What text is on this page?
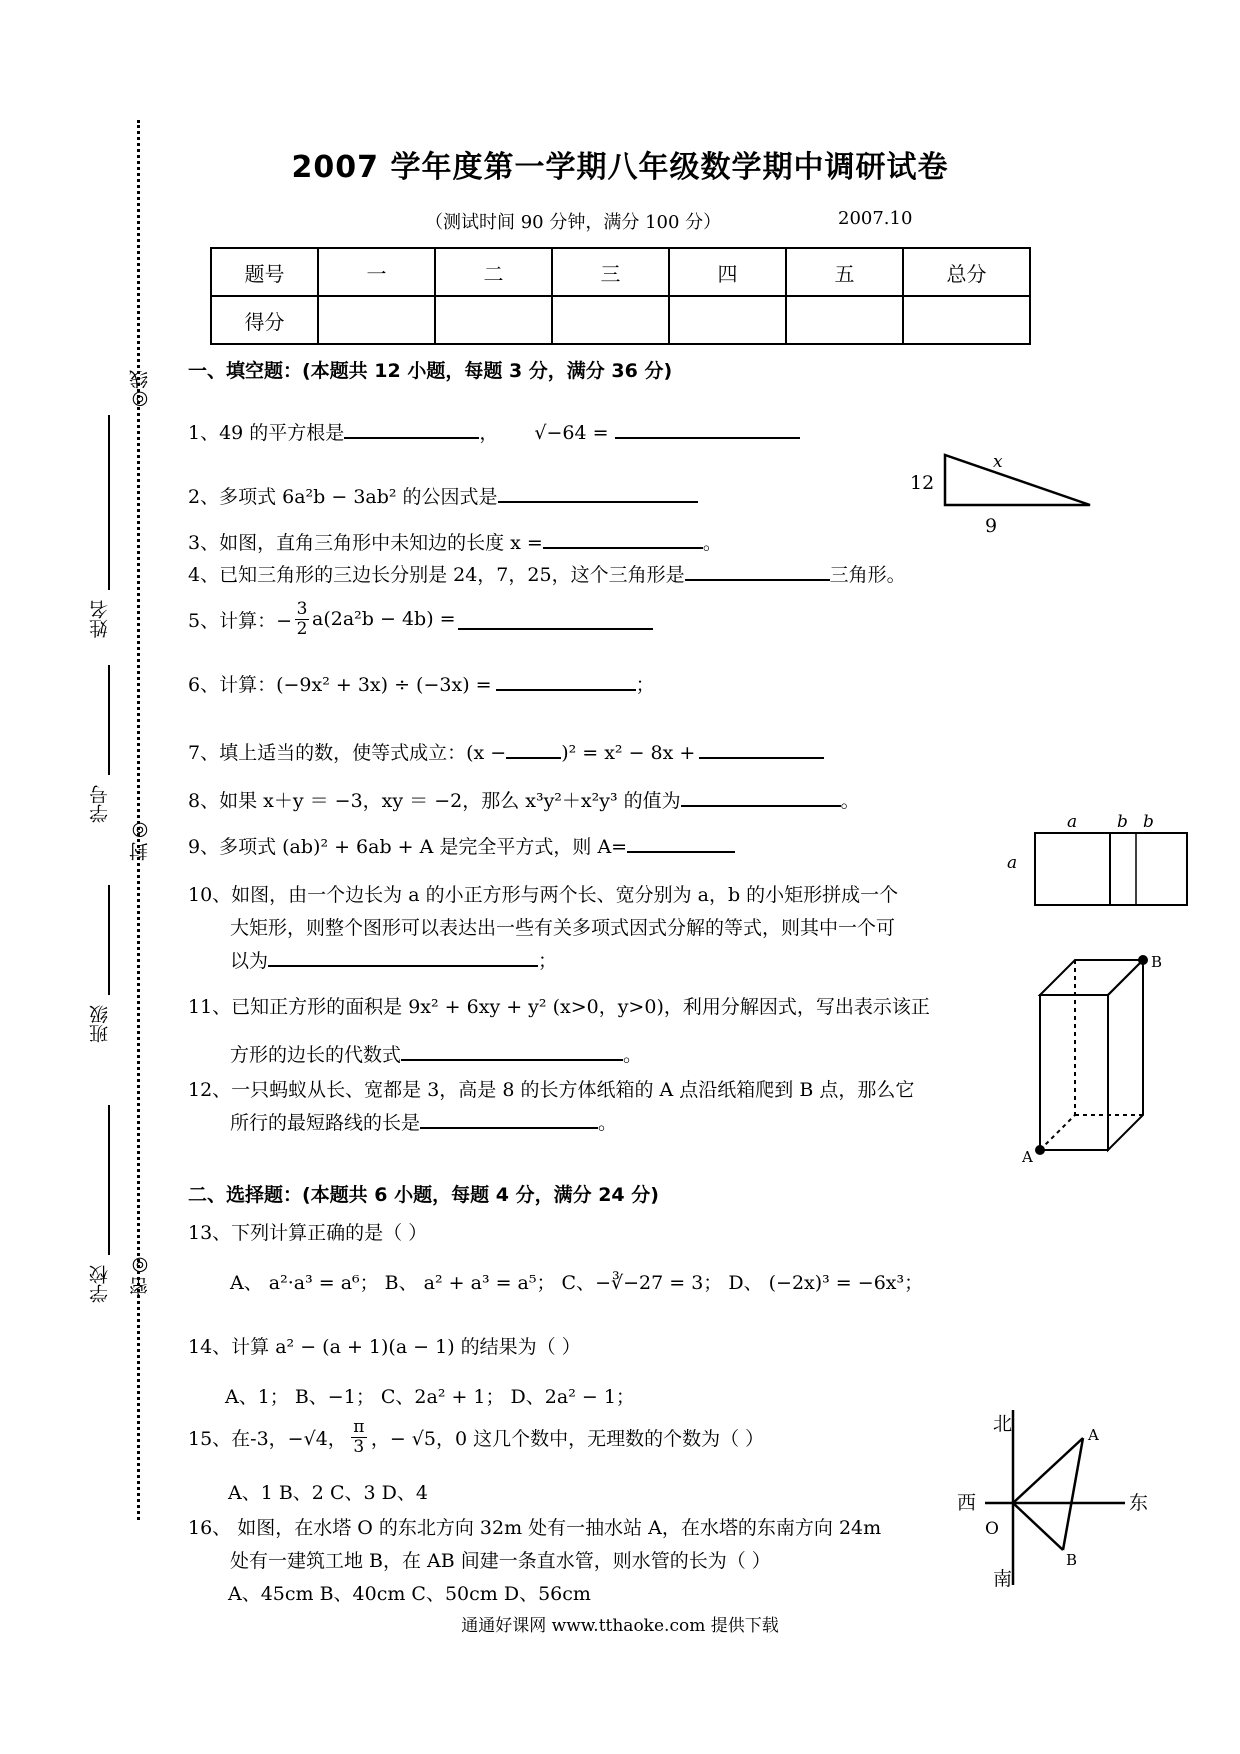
2007 学年度第一学期八年级数学期中调研试卷
（测试时间 90 分钟，满分 100 分）	2007.10
题号	一	二	三	四	五	总分
得分						
◎线
封◎
密◎
姓名
学号
班级
学校
一、填空题：(本题共 12 小题，每题 3 分，满分 36 分)
1、49 的平方根是	， √−64 =
2、多项式 6a²b − 3ab² 的公因式是
3、如图，直角三角形中未知边的长度 x =	。
4、已知三角形的三边长分别是 24，7，25，这个三角形是	三角形。
5、计算：−
3
2 a(2a²b − 4b) =
6、计算：(−9x² + 3x) ÷ (−3x) =	；
7、填上适当的数，使等式成立：(x −	)² = x² − 8x +
8、如果 x＋y ＝ −3，xy ＝ −2，那么 x³y²＋x²y³ 的值为	。
9、多项式 (ab)² + 6ab + A 是完全平方式，则 A=
10、如图，由一个边长为 a 的小正方形与两个长、宽分别为 a，b 的小矩形拼成一个
大矩形，则整个图形可以表达出一些有关多项式因式分解的等式，则其中一个可
以为	；
11、已知正方形的面积是 9x² + 6xy + y² (x>0，y>0)，利用分解因式，写出表示该正
方形的边长的代数式	。
12、一只蚂蚁从长、宽都是 3，高是 8 的长方体纸箱的 A 点沿纸箱爬到 B 点，那么它
所行的最短路线的长是	。
二、选择题：(本题共 6 小题，每题 4 分，满分 24 分)
13、下列计算正确的是（ ）
A、 a²·a³ = a⁶； B、 a² + a³ = a⁵； C、−∛−27 = 3； D、 (−2x)³ = −6x³；
14、计算 a² − (a + 1)(a − 1) 的结果为（ ）
A、1； B、−1； C、2a² + 1； D、2a² − 1；
15、在-3，−√4，
π
3 ，− √5，0 这几个数中，无理数的个数为（ ）
A、1 B、2 C、3 D、4
16、 如图，在水塔 O 的东北方向 32m 处有一抽水站 A，在水塔的东南方向 24m
处有一建筑工地 B，在 AB 间建一条直水管，则水管的长为（ ）
A、45cm B、40cm C、50cm D、56cm
12
x
9
a b b
a
A
B
北
南
西	东
O
A
B
通通好课网 www.tthaoke.com 提供下载
